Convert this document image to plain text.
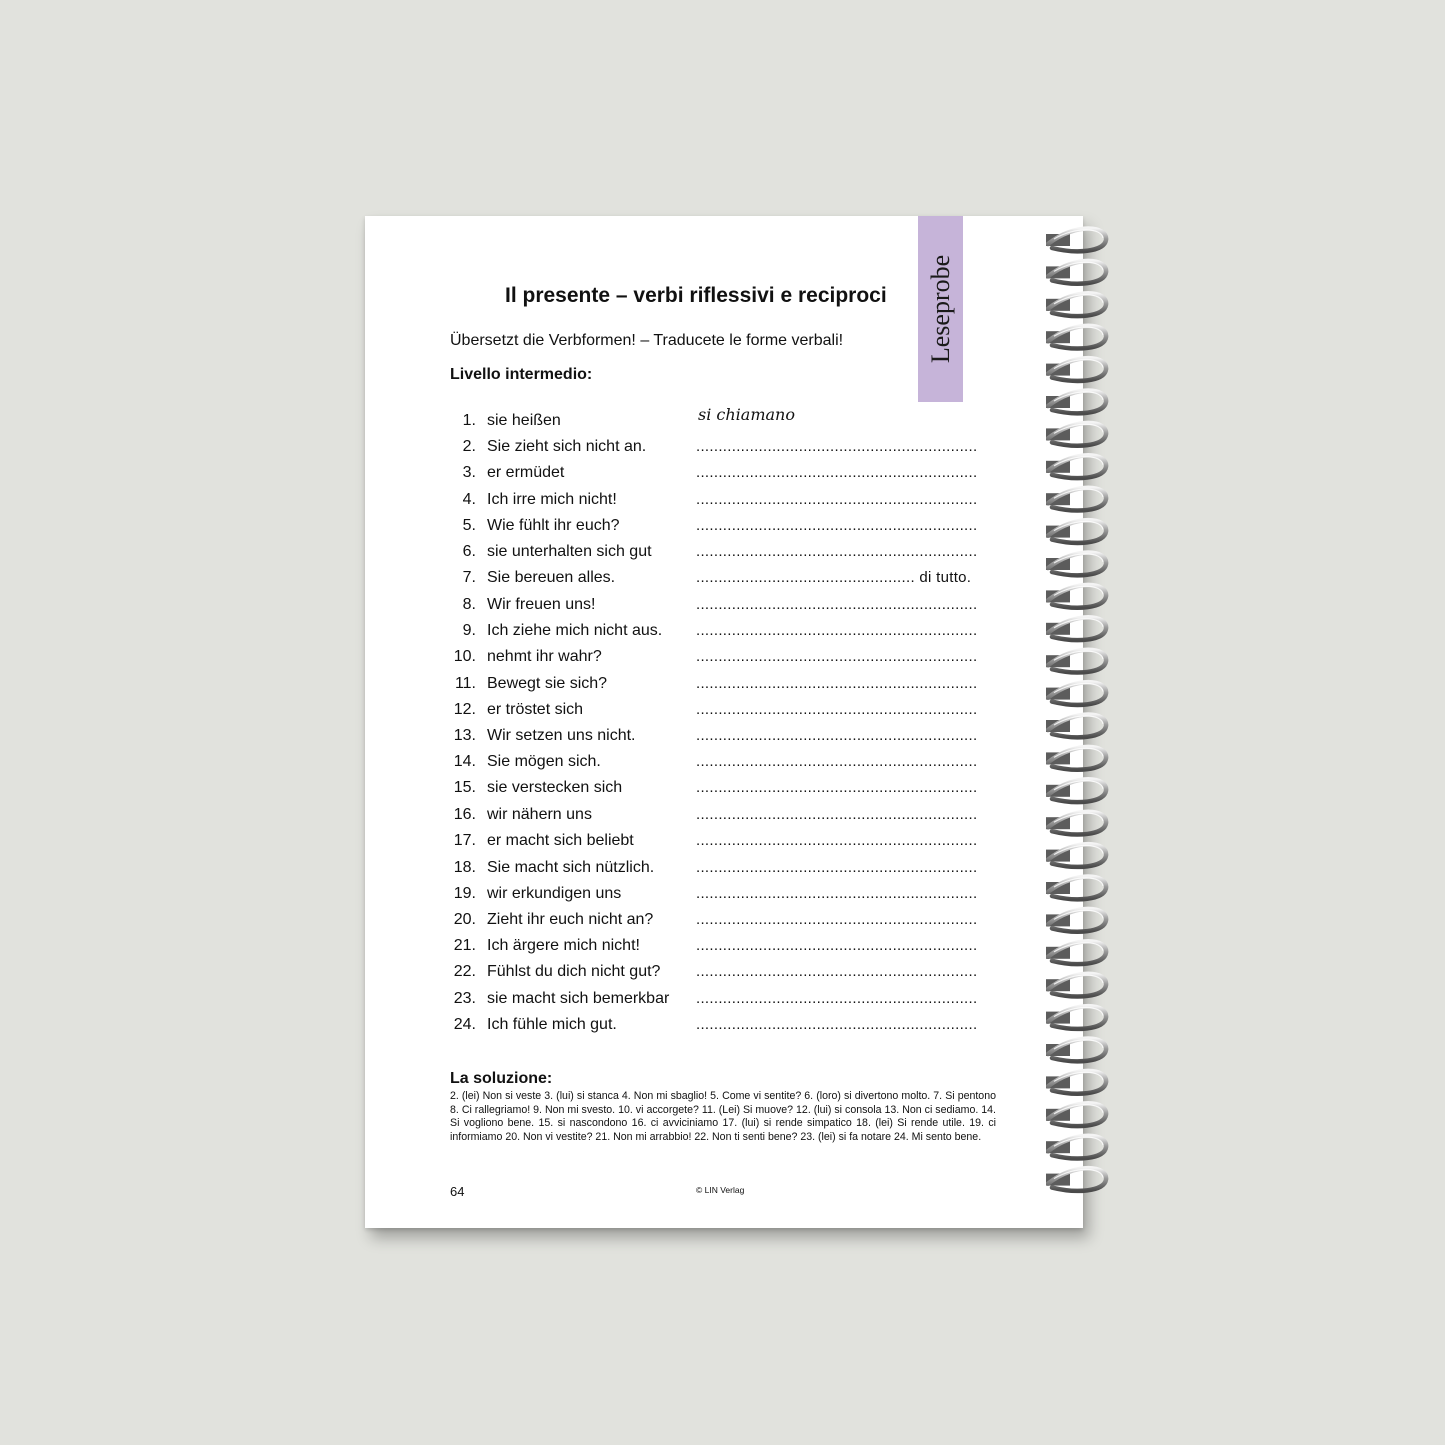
Il presente – verbi riflessivi e reciproci	Leseprobe
Übersetzt die Verbformen! – Traducete le forme verbali!
Livello intermedio:
1. sie heißen	si chiamano
2. Sie zieht sich nicht an.	...............................................................
3. er ermüdet	...............................................................
4. Ich irre mich nicht!	...............................................................
5. Wie fühlt ihr euch?	...............................................................
6. sie unterhalten sich gut	...............................................................
7. Sie bereuen alles.	................................................. di tutto.
8. Wir freuen uns!	...............................................................
9. Ich ziehe mich nicht aus. ...............................................................
10. nehmt ihr wahr?	...............................................................
11. Bewegt sie sich?	...............................................................
12. er tröstet sich	...............................................................
13. Wir setzen uns nicht.	...............................................................
14. Sie mögen sich.	...............................................................
15. sie verstecken sich	...............................................................
16. wir nähern uns	...............................................................
17. er macht sich beliebt	...............................................................
18. Sie macht sich nützlich.	...............................................................
19. wir erkundigen uns	...............................................................
20. Zieht ihr euch nicht an?	...............................................................
21. Ich ärgere mich nicht!	...............................................................
22. Fühlst du dich nicht gut? ...............................................................
23. sie macht sich bemerkbar ...............................................................
24. Ich fühle mich gut.	...............................................................
La soluzione:
2. (lei) Non si veste 3. (lui) si stanca 4. Non mi sbaglio! 5. Come vi sentite? 6. (loro) si divertono molto. 7. Si pentono 8. Ci rallegriamo! 9. Non mi svesto. 10. vi accorgete? 11. (Lei) Si muove? 12. (lui) si consola 13. Non ci sediamo. 14. Si vogliono bene. 15. si nascondono 16. ci avviciniamo 17. (lui) si rende simpatico 18. (lei) Si rende utile. 19. ci informiamo 20. Non vi vestite? 21. Non mi arrabbio! 22. Non ti senti bene? 23. (lei) si fa notare 24. Mi sento bene.
64	© LIN Verlag
